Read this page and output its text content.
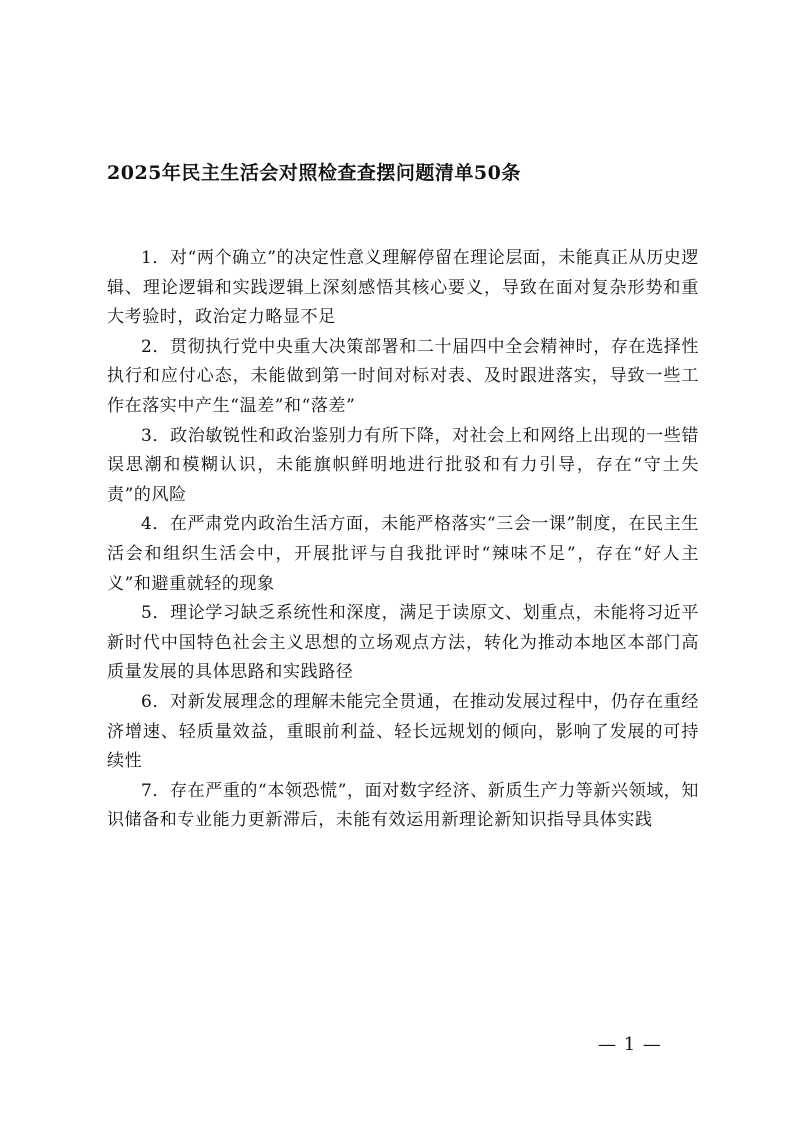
2025年民主生活会对照检查查摆问题清单50条

1．对“两个确立”的决定性意义理解停留在理论层面，未能真正从历史逻辑、理论逻辑和实践逻辑上深刻感悟其核心要义，导致在面对复杂形势和重大考验时，政治定力略显不足

2．贯彻执行党中央重大决策部署和二十届四中全会精神时，存在选择性执行和应付心态，未能做到第一时间对标对表、及时跟进落实，导致一些工作在落实中产生“温差”和“落差”

3．政治敏锐性和政治鉴别力有所下降，对社会上和网络上出现的一些错误思潮和模糊认识，未能旗帜鲜明地进行批驳和有力引导，存在“守土失责”的风险

4．在严肃党内政治生活方面，未能严格落实“三会一课”制度，在民主生活会和组织生活会中，开展批评与自我批评时“辣味不足”，存在“好人主义”和避重就轻的现象

5．理论学习缺乏系统性和深度，满足于读原文、划重点，未能将习近平新时代中国特色社会主义思想的立场观点方法，转化为推动本地区本部门高质量发展的具体思路和实践路径

6．对新发展理念的理解未能完全贯通，在推动发展过程中，仍存在重经济增速、轻质量效益，重眼前利益、轻长远规划的倾向，影响了发展的可持续性

7．存在严重的“本领恐慌”，面对数字经济、新质生产力等新兴领域，知识储备和专业能力更新滞后，未能有效运用新理论新知识指导具体实践

— 1 —
